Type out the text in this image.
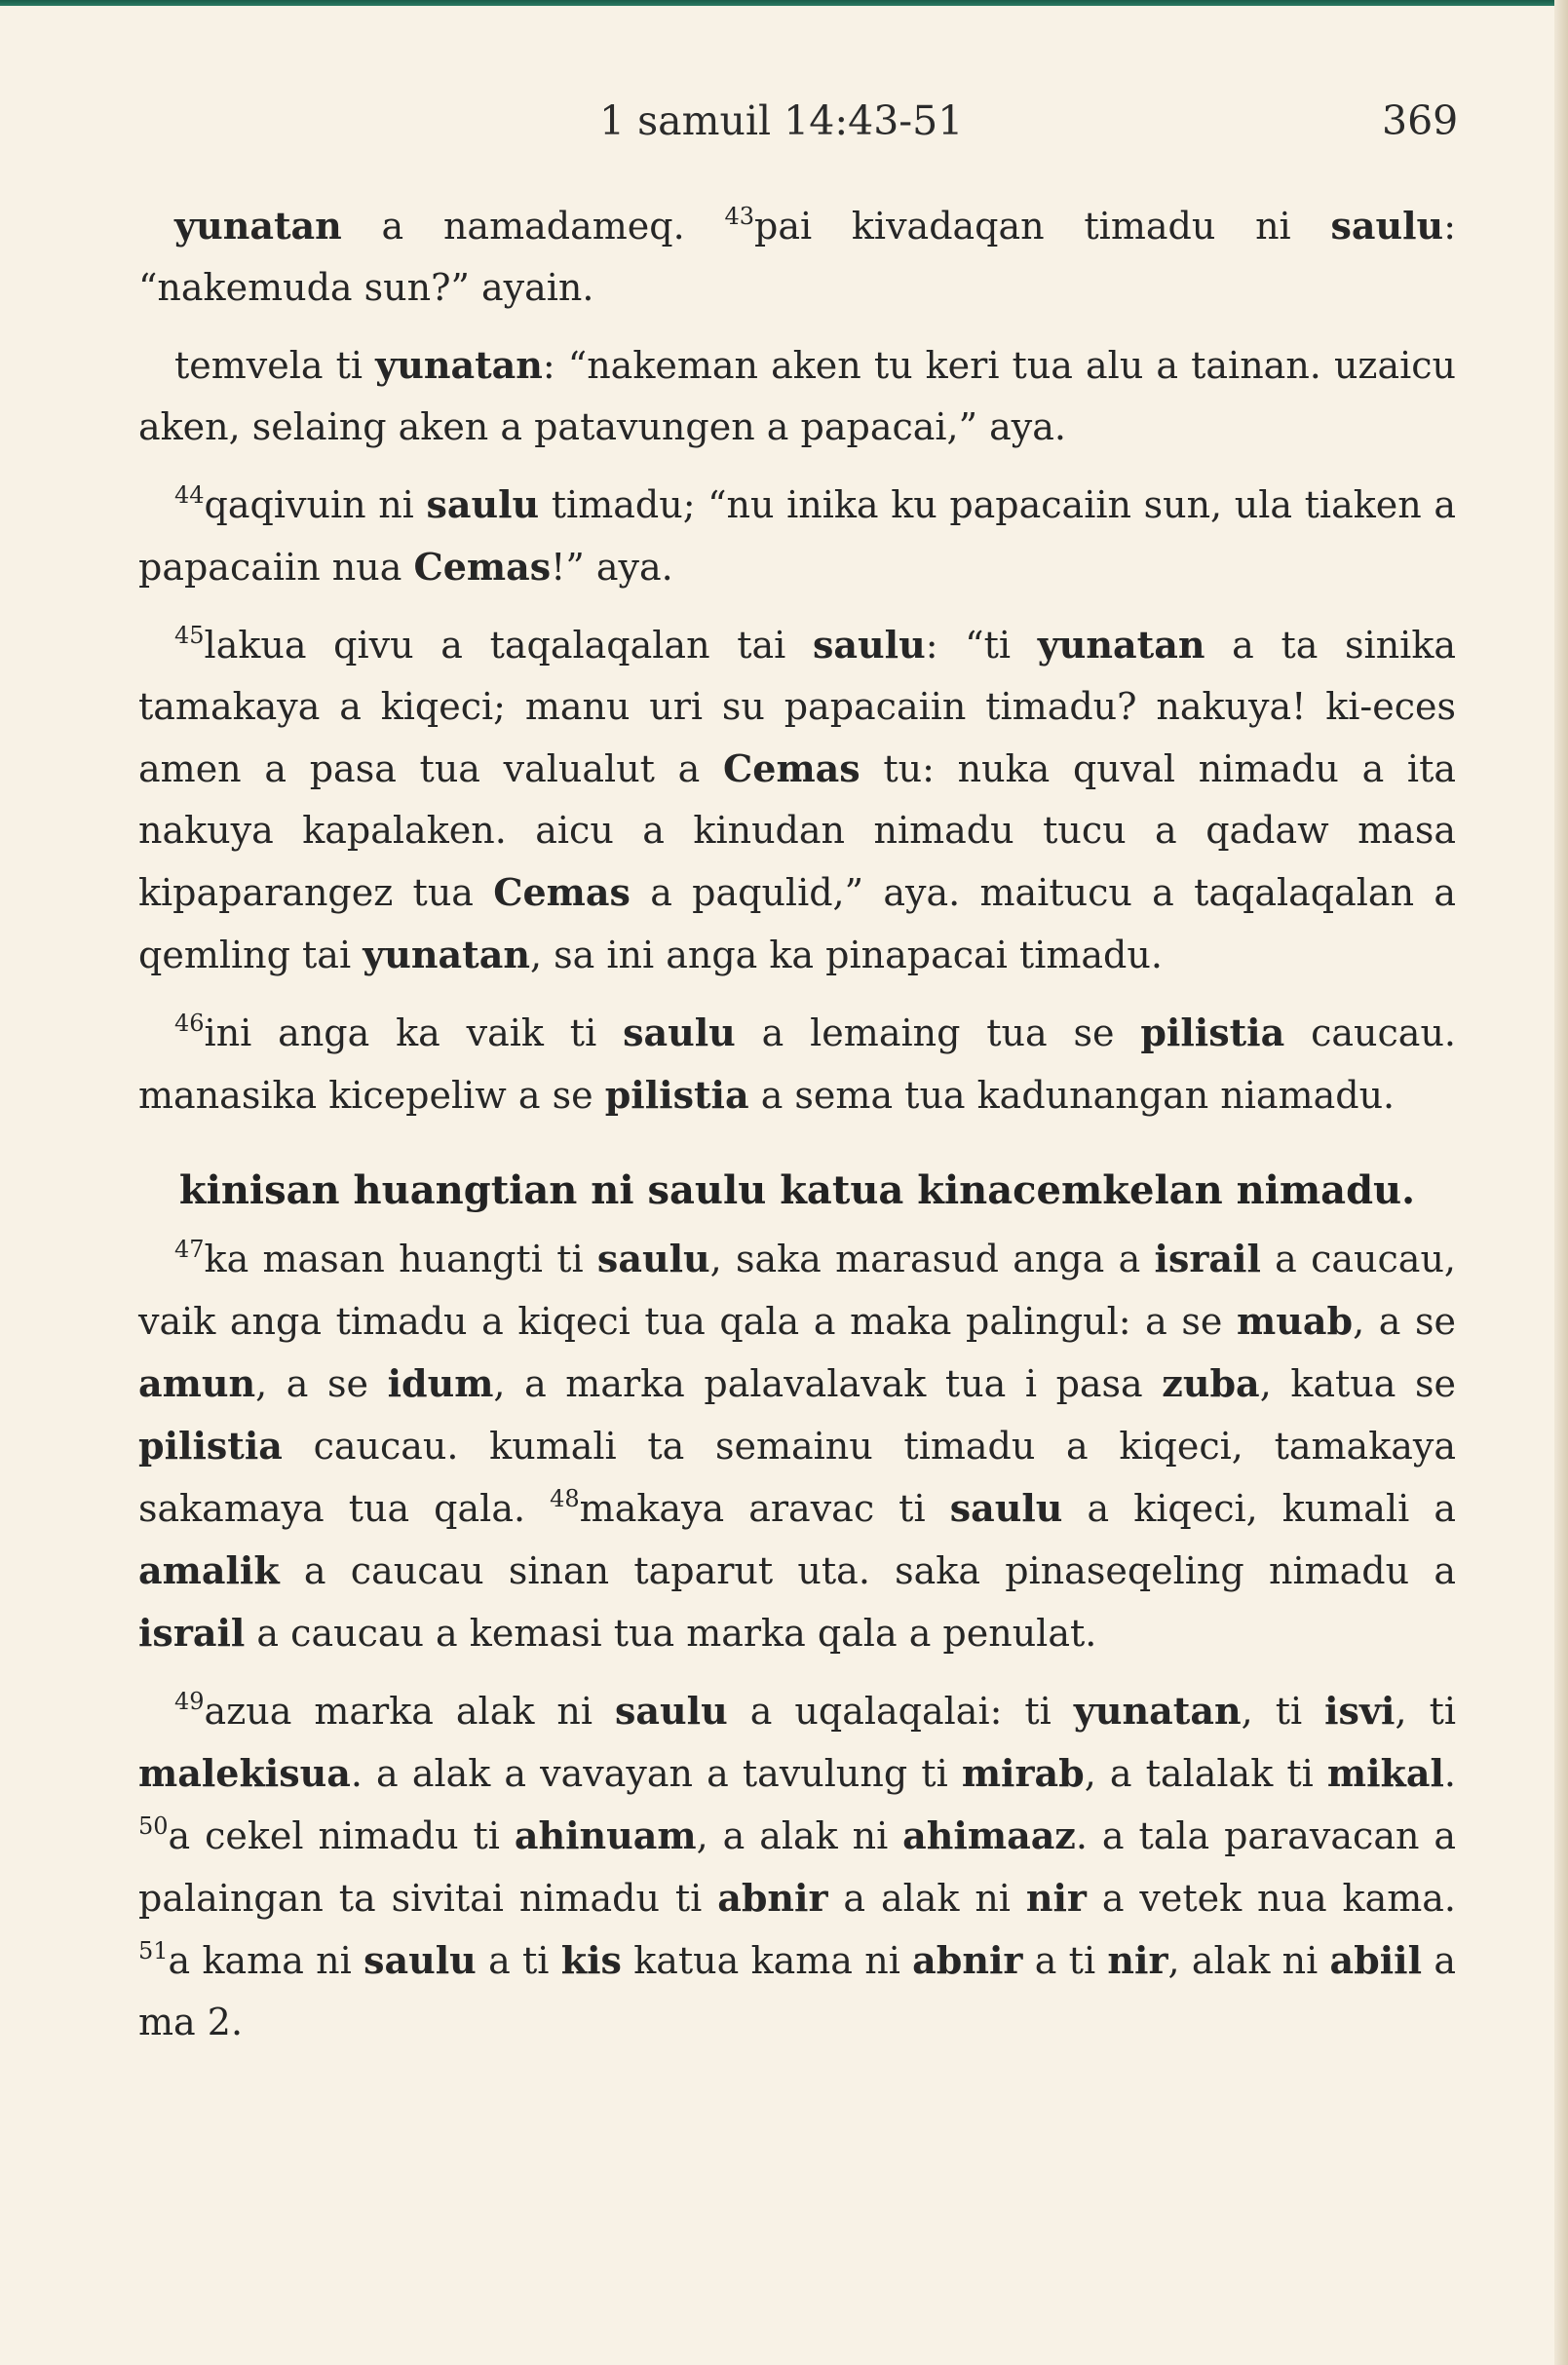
1 samuil 14:43-51	369

yunatan a namadameq. $^{43}$pai kivadaqan timadu ni saulu: “nakemuda sun?” ayain.

temvela ti yunatan: “nakeman aken tu keri tua alu a tainan. uzaicu aken, selaing aken a patavungen a papacai,” aya.

$^{44}$qaqivuin ni saulu timadu; “nu inika ku papacaiin sun, ula tiaken a papacaiin nua Cemas!” aya.

$^{45}$lakua qivu a taqalaqalan tai saulu: “ti yunatan a ta sinika tamakaya a kiqeci; manu uri su papacaiin timadu? nakuya! ki-eces amen a pasa tua valualut a Cemas tu: nuka quval nimadu a ita nakuya kapalaken. aicu a kinudan nimadu tucu a qadaw masa kipaparangez tua Cemas a paqulid,” aya. maitucu a taqalaqalan a qemling tai yunatan, sa ini anga ka pinapacai timadu.

$^{46}$ini anga ka vaik ti saulu a lemaing tua se pilistia caucau. manasika kicepeliw a se pilistia a sema tua kadunangan niamadu.

kinisan huangtian ni saulu katua kinacemkelan nimadu.

$^{47}$ka masan huangti ti saulu, saka marasud anga a israil a caucau, vaik anga timadu a kiqeci tua qala a maka palingul: a se muab, a se amun, a se idum, a marka palavalavak tua i pasa zuba, katua se pilistia caucau. kumali ta semainu timadu a kiqeci, tamakaya sakamaya tua qala. $^{48}$makaya aravac ti saulu a kiqeci, kumali a amalik a caucau sinan taparut uta. saka pinaseqeling nimadu a israil a caucau a kemasi tua marka qala a penulat.

$^{49}$azua marka alak ni saulu a uqalaqalai: ti yunatan, ti isvi, ti malekisua. a alak a vavayan a tavulung ti mirab, a talalak ti mikal. $^{50}$a cekel nimadu ti ahinuam, a alak ni ahimaaz. a tala paravacan a palaingan ta sivitai nimadu ti abnir a alak ni nir a vetek nua kama. $^{51}$a kama ni saulu a ti kis katua kama ni abnir a ti nir, alak ni abiil a ma 2.
